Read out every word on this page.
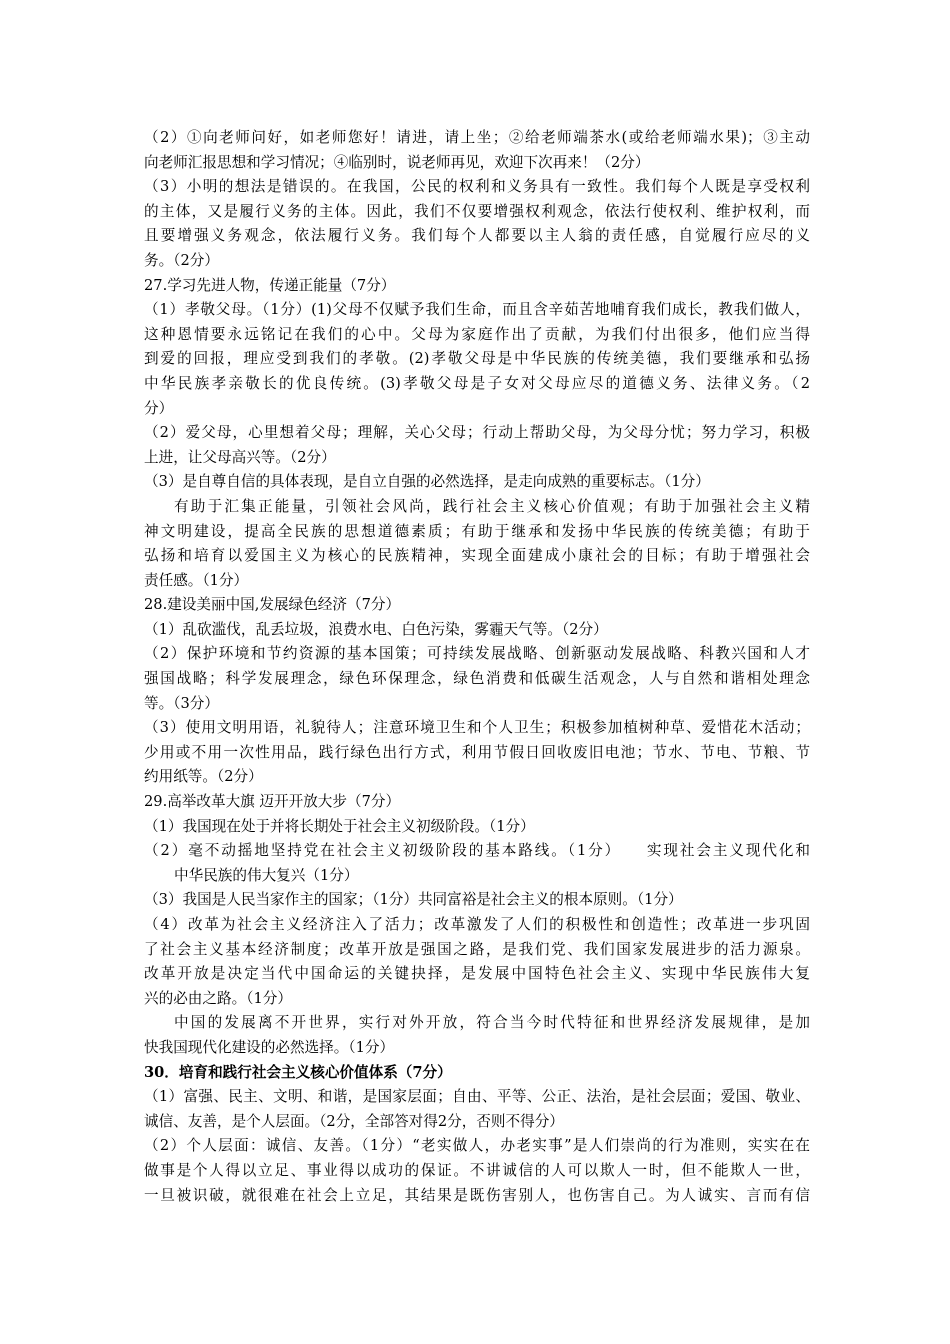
（2）①向老师问好，如老师您好！请进，请上坐；②给老师端茶水(或给老师端水果)；③主动
向老师汇报思想和学习情况；④临别时，说老师再见，欢迎下次再来！（2分）
（3）小明的想法是错误的。在我国，公民的权利和义务具有一致性。我们每个人既是享受权利
的主体，又是履行义务的主体。因此，我们不仅要增强权利观念，依法行使权利、维护权利，而
且要增强义务观念，依法履行义务。我们每个人都要以主人翁的责任感，自觉履行应尽的义
务。（2分）
27.学习先进人物，传递正能量（7分）
（1）孝敬父母。（1分）(1)父母不仅赋予我们生命，而且含辛茹苦地哺育我们成长，教我们做人，
这种恩情要永远铭记在我们的心中。父母为家庭作出了贡献，为我们付出很多，他们应当得
到爱的回报，理应受到我们的孝敬。(2)孝敬父母是中华民族的传统美德，我们要继承和弘扬
中华民族孝亲敬长的优良传统。(3)孝敬父母是子女对父母应尽的道德义务、法律义务。（2
分）
（2）爱父母，心里想着父母；理解，关心父母；行动上帮助父母，为父母分忧；努力学习，积极
上进，让父母高兴等。（2分）
（3）是自尊自信的具体表现，是自立自强的必然选择，是走向成熟的重要标志。（1分）
有助于汇集正能量，引领社会风尚，践行社会主义核心价值观；有助于加强社会主义精
神文明建设，提高全民族的思想道德素质；有助于继承和发扬中华民族的传统美德；有助于
弘扬和培育以爱国主义为核心的民族精神，实现全面建成小康社会的目标；有助于增强社会
责任感。（1分）
28.建设美丽中国,发展绿色经济（7分）
（1）乱砍滥伐，乱丢垃圾，浪费水电、白色污染，雾霾天气等。（2分）
（2）保护环境和节约资源的基本国策；可持续发展战略、创新驱动发展战略、科教兴国和人才
强国战略；科学发展理念，绿色环保理念，绿色消费和低碳生活观念，人与自然和谐相处理念
等。（3分）
（3）使用文明用语，礼貌待人；注意环境卫生和个人卫生；积极参加植树种草、爱惜花木活动；
少用或不用一次性用品，践行绿色出行方式，利用节假日回收废旧电池；节水、节电、节粮、节
约用纸等。（2分）
29.高举改革大旗 迈开开放大步（7分）
（1）我国现在处于并将长期处于社会主义初级阶段。（1分）
（2）毫不动摇地坚持党在社会主义初级阶段的基本路线。（1分）　　实现社会主义现代化和
中华民族的伟大复兴（1分）
（3）我国是人民当家作主的国家；（1分）共同富裕是社会主义的根本原则。（1分）
（4）改革为社会主义经济注入了活力；改革激发了人们的积极性和创造性；改革进一步巩固
了社会主义基本经济制度；改革开放是强国之路，是我们党、我们国家发展进步的活力源泉。
改革开放是决定当代中国命运的关键抉择，是发展中国特色社会主义、实现中华民族伟大复
兴的必由之路。（1分）
中国的发展离不开世界，实行对外开放，符合当今时代特征和世界经济发展规律，是加
快我国现代化建设的必然选择。（1分）
30．培育和践行社会主义核心价值体系（7分）
（1）富强、民主、文明、和谐，是国家层面；自由、平等、公正、法治，是社会层面；爱国、敬业、
诚信、友善，是个人层面。（2分，全部答对得2分，否则不得分）
（2）个人层面：诚信、友善。（1分）“老实做人，办老实事”是人们崇尚的行为准则，实实在在
做事是个人得以立足、事业得以成功的保证。不讲诚信的人可以欺人一时，但不能欺人一世，
一旦被识破，就很难在社会上立足，其结果是既伤害别人，也伤害自己。为人诚实、言而有信
